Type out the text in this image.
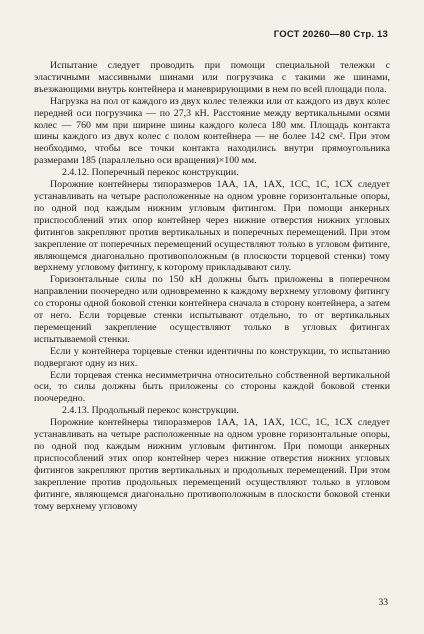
ГОСТ 20260—80 Стр. 13

Испытание следует проводить при помощи специальной тележки с эластичными массивными шинами или погрузчика с такими же шинами, въезжающими внутрь контейнера и маневрирующими в нем по всей площади пола.

Нагрузка на пол от каждого из двух колес тележки или от каждого из двух колес передней оси погрузчика — по 27,3 кН. Расстояние между вертикальными осями колес — 760 мм при ширине шины каждого колеса 180 мм. Площадь контакта шины каждого из двух колес с полом контейнера — не более 142 см². При этом необходимо, чтобы все точки контакта находились внутри прямоугольника размерами 185 (параллельно оси вращения)×100 мм.

2.4.12. Поперечный перекос конструкции.

Порожние контейнеры типоразмеров 1АА, 1А, 1АХ, 1СС, 1С, 1СХ следует устанавливать на четыре расположенные на одном уровне горизонтальные опоры, по одной под каждым нижним угловым фитингом. При помощи анкерных приспособлений этих опор контейнер через нижние отверстия нижних угловых фитингов закрепляют против вертикальных и поперечных перемещений. При этом закрепление от поперечных перемещений осуществляют только в угловом фитинге, являющемся диагонально противоположным (в плоскости торцевой стенки) тому верхнему угловому фитингу, к которому прикладывают силу.

Горизонтальные силы по 150 кН должны быть приложены в поперечном направлении поочередно или одновременно к каждому верхнему угловому фитингу со стороны одной боковой стенки контейнера сначала в сторону контейнера, а затем от него. Если торцевые стенки испытывают отдельно, то от вертикальных перемещений закрепление осуществляют только в угловых фитингах испытываемой стенки.

Если у контейнера торцевые стенки идентичны по конструкции, то испытанию подвергают одну из них.

Если торцевая стенка несимметрична относительно собственной вертикальной оси, то силы должны быть приложены со стороны каждой боковой стенки поочередно.

2.4.13. Продольный перекос конструкции.

Порожние контейнеры типоразмеров 1АА, 1А, 1АХ, 1СС, 1С, 1СХ следует устанавливать на четыре расположенные на одном уровне горизонтальные опоры, по одной под каждым нижним угловым фитингом. При помощи анкерных приспособлений этих опор контейнер через нижние отверстия нижних угловых фитингов закрепляют против вертикальных и продольных перемещений. При этом закрепление против продольных перемещений осуществляют только в угловом фитинге, являющемся диагонально противоположным в плоскости боковой стенки тому верхнему угловому

33
